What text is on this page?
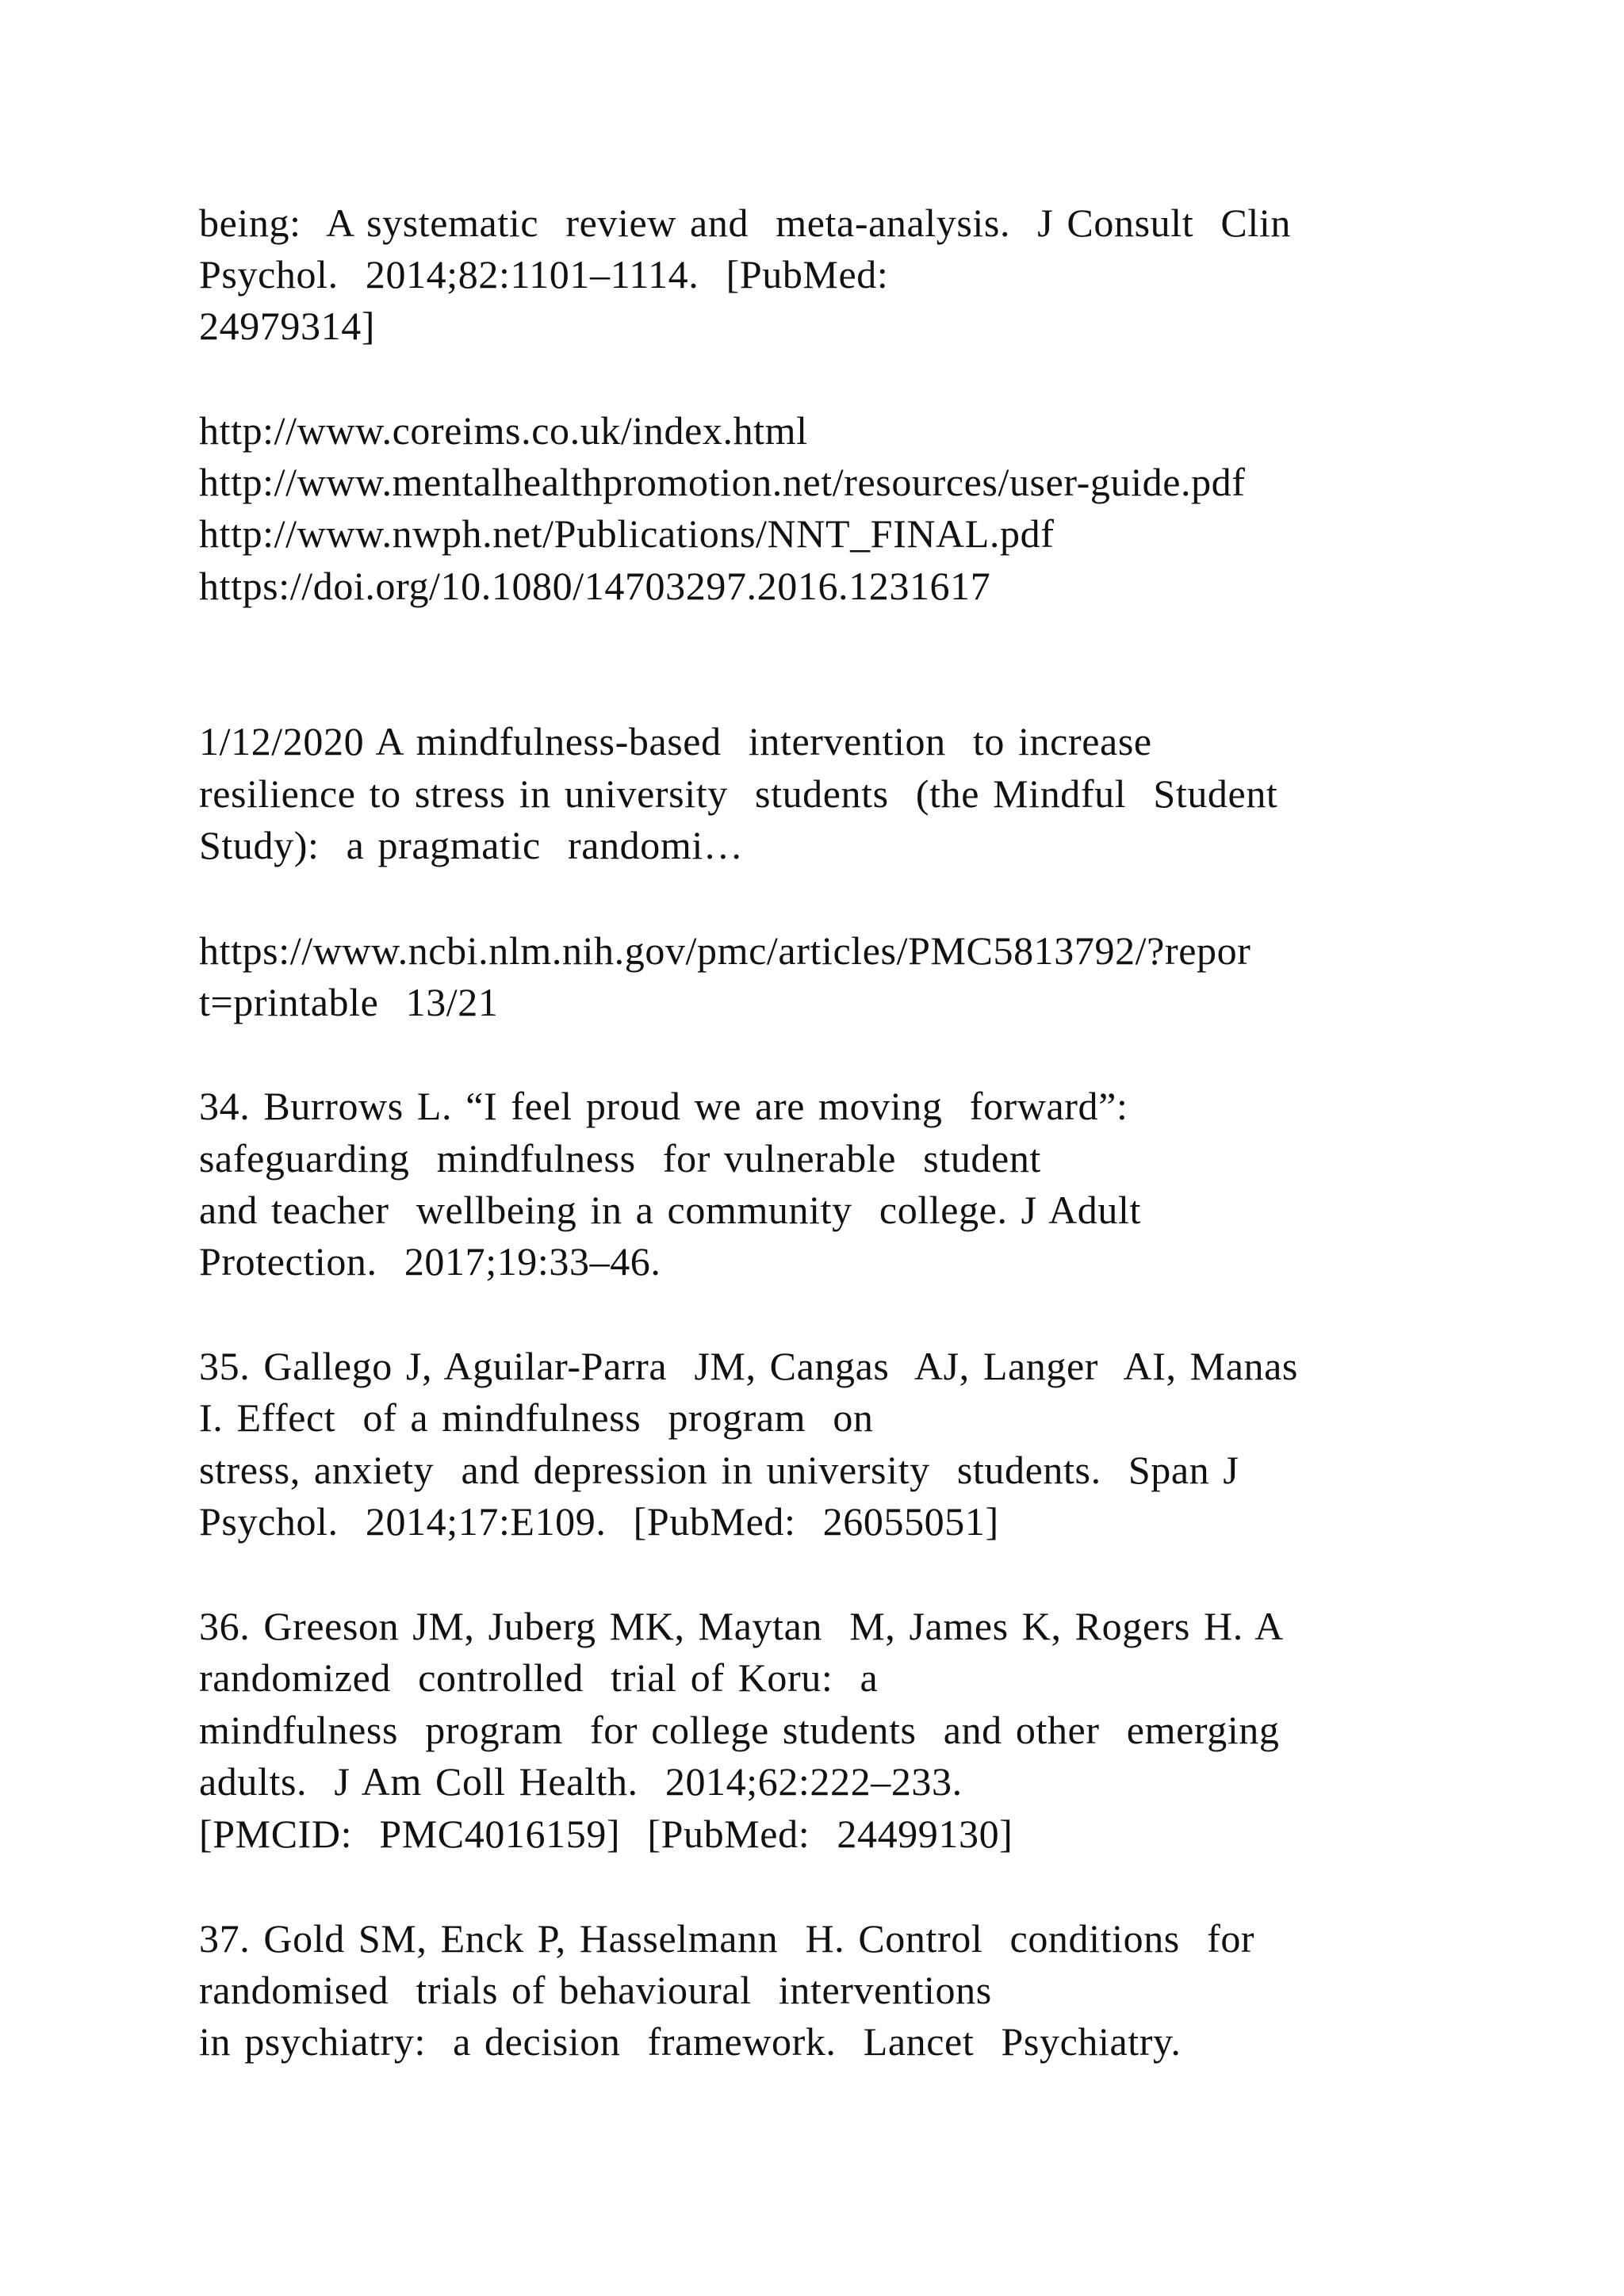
being:  A systematic  review and  meta-analysis.  J Consult  Clin

Psychol.  2014;82:1101–1114.  [PubMed:

24979314]

http://www.coreims.co.uk/index.html

http://www.mentalhealthpromotion.net/resources/user-guide.pdf

http://www.nwph.net/Publications/NNT_FINAL.pdf

https://doi.org/10.1080/14703297.2016.1231617

1/12/2020 A mindfulness-based  intervention  to increase

resilience to stress in university  students  (the Mindful  Student

Study):  a pragmatic  randomi…

https://www.ncbi.nlm.nih.gov/pmc/articles/PMC5813792/?repor

t=printable  13/21

34. Burrows L. “I feel proud we are moving  forward”:

safeguarding  mindfulness  for vulnerable  student

and teacher  wellbeing in a community  college. J Adult

Protection.  2017;19:33–46.

35. Gallego J, Aguilar-Parra  JM, Cangas  AJ, Langer  AI, Manas

I. Effect  of a mindfulness  program  on

stress, anxiety  and depression in university  students.  Span J

Psychol.  2014;17:E109.  [PubMed:  26055051]

36. Greeson JM, Juberg MK, Maytan  M, James K, Rogers H. A

randomized  controlled  trial of Koru:  a

mindfulness  program  for college students  and other  emerging

adults.  J Am Coll Health.  2014;62:222–233.

[PMCID:  PMC4016159]  [PubMed:  24499130]

37. Gold SM, Enck P, Hasselmann  H. Control  conditions  for

randomised  trials of behavioural  interventions

in psychiatry:  a decision  framework.  Lancet  Psychiatry.
